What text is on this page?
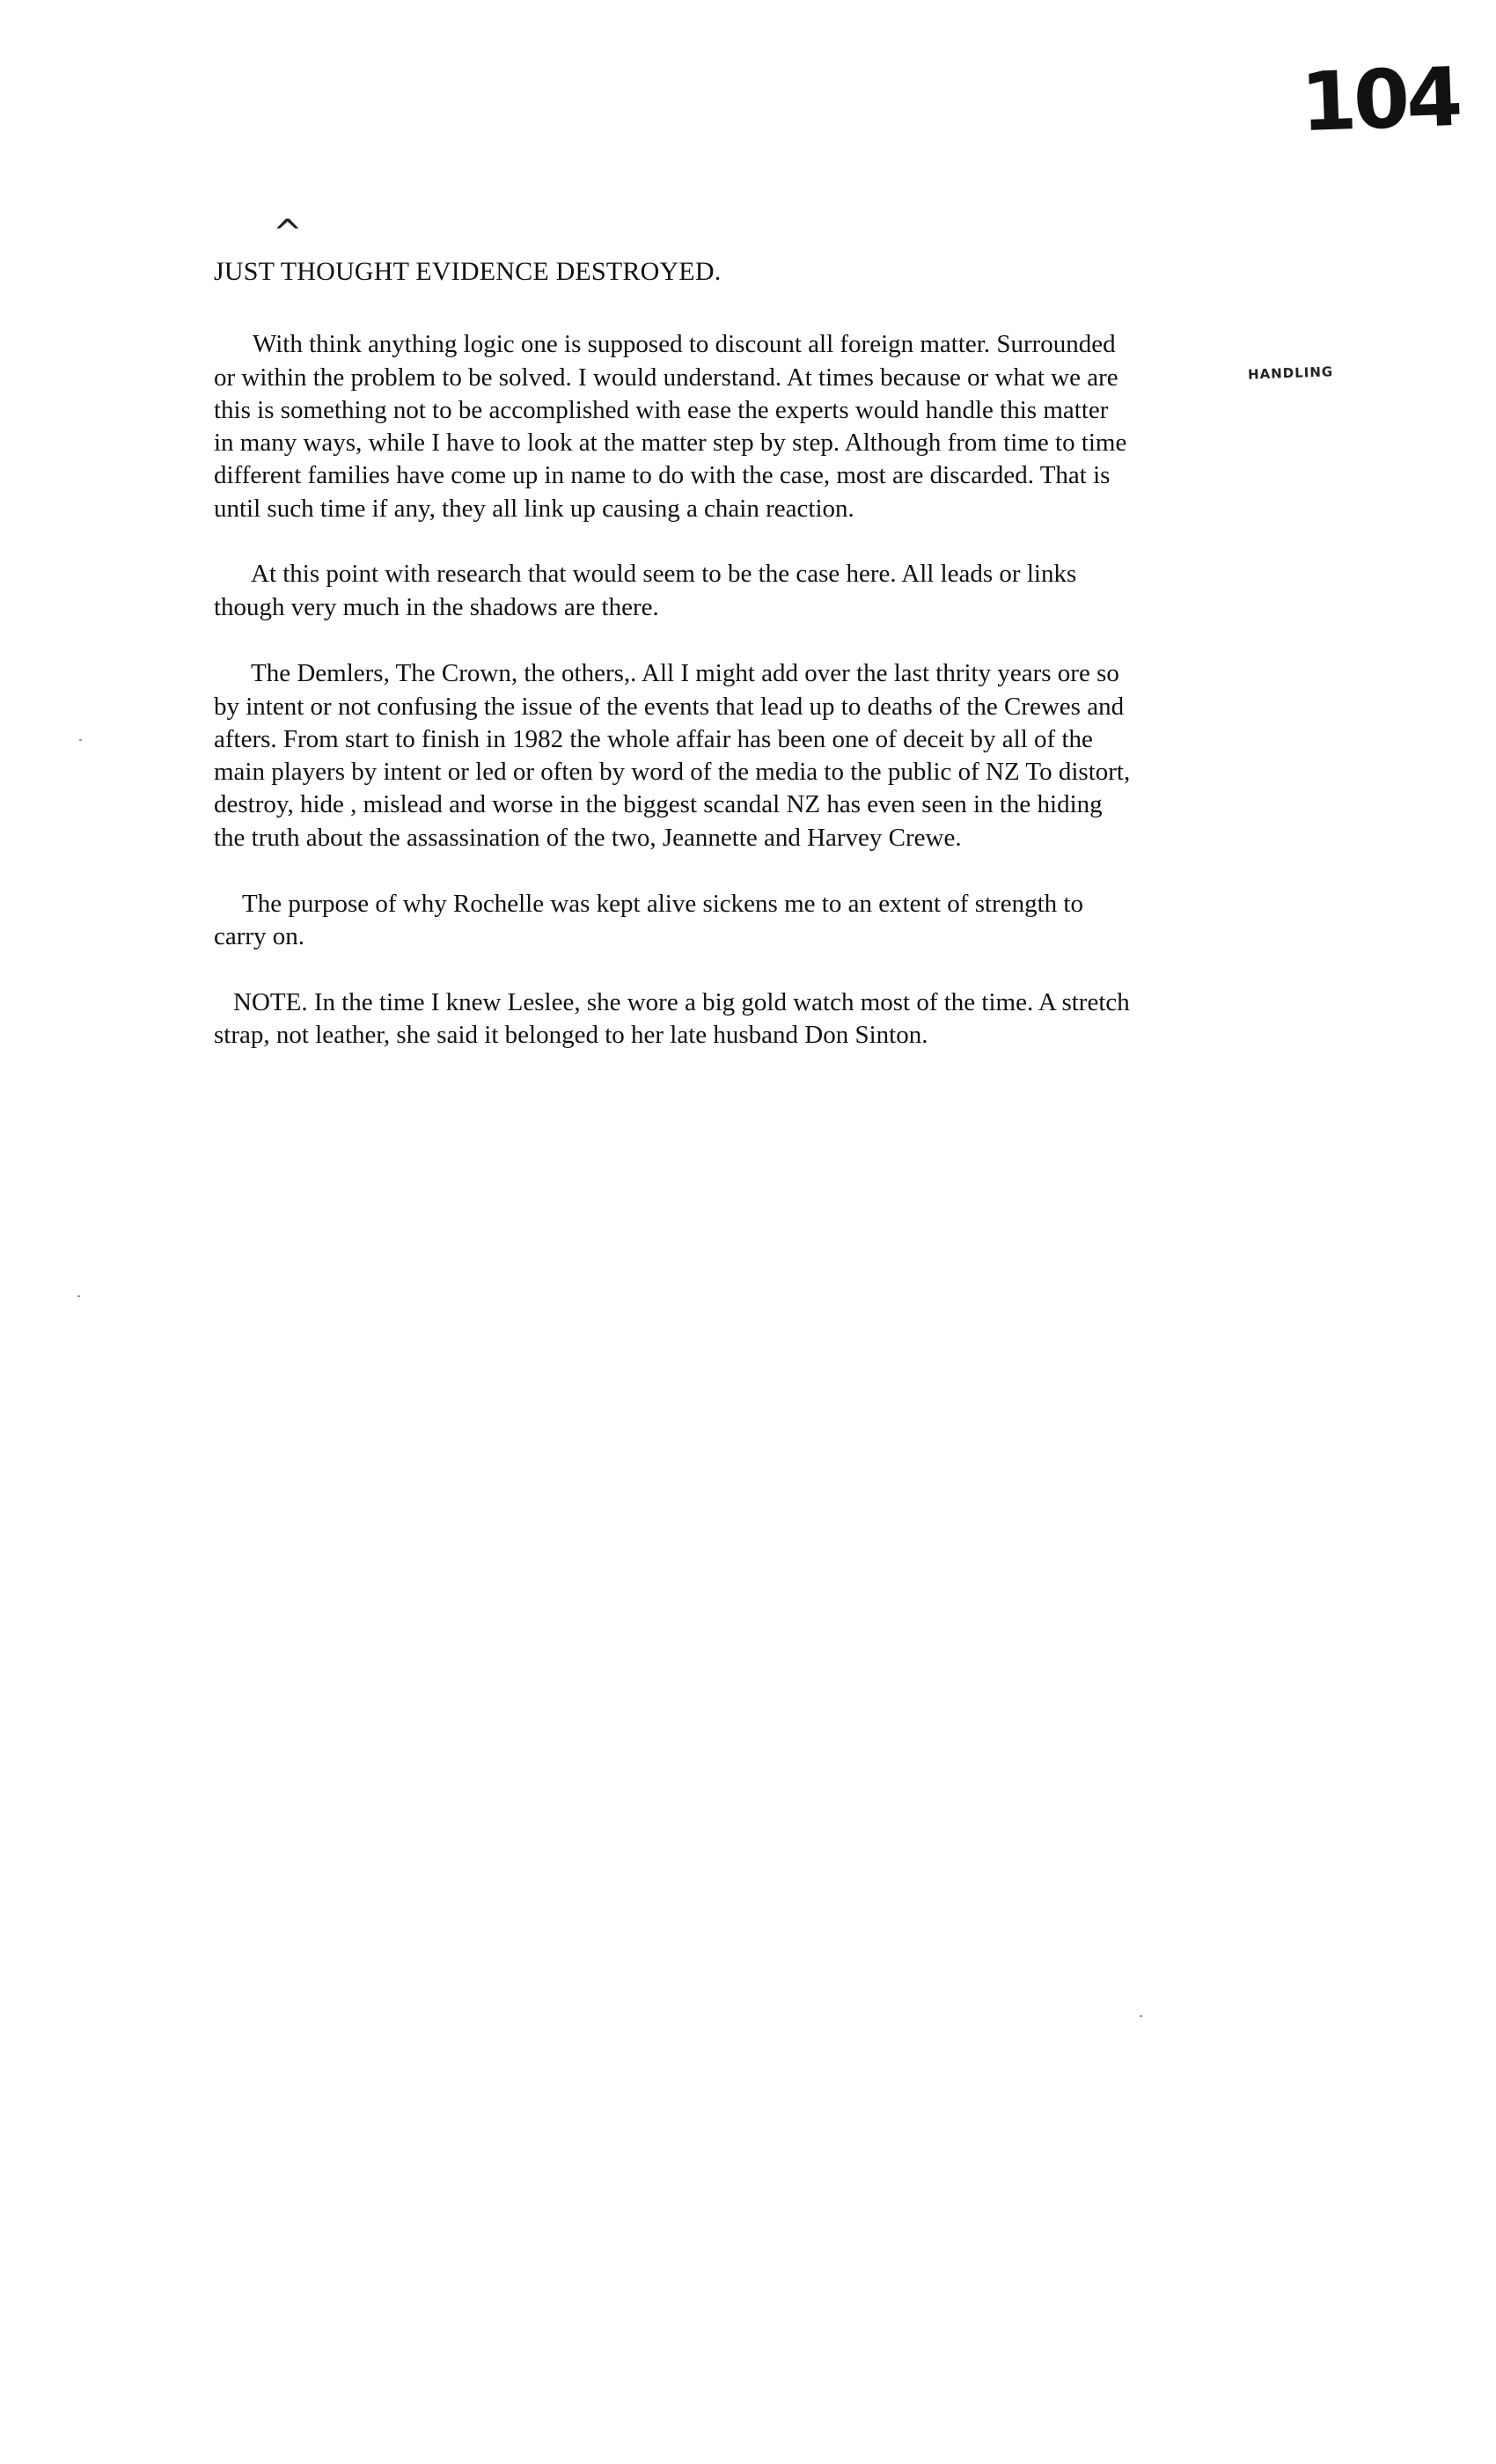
104
^
JUST THOUGHT EVIDENCE DESTROYED.
HANDLING
With think anything logic one is supposed to discount all foreign matter. Surrounded
or within the problem to be solved. I would understand. At times because or what we are
this is something not to be accomplished with ease the experts would handle this matter
in many ways, while I have to look at the matter step by step. Although from time to time
different families have come up in name to do with the case, most are discarded. That is
until such time if any, they all link up causing a chain reaction.
At this point with research that would seem to be the case here. All leads or links
though very much in the shadows are there.
The Demlers, The Crown, the others,. All I might add over the last thrity years ore so
by intent or not confusing the issue of the events that lead up to deaths of the Crewes and
afters. From start to finish in 1982 the whole affair has been one of deceit by all of the
main players by intent or led or often by word of the media to the public of NZ To distort,
destroy, hide , mislead and worse in the biggest scandal NZ has even seen in the hiding
the truth about the assassination of the two, Jeannette and Harvey Crewe.
The purpose of why Rochelle was kept alive sickens me to an extent of strength to
carry on.
NOTE. In the time I knew Leslee, she wore a big gold watch most of the time. A stretch
strap, not leather, she said it belonged to her late husband Don Sinton.
